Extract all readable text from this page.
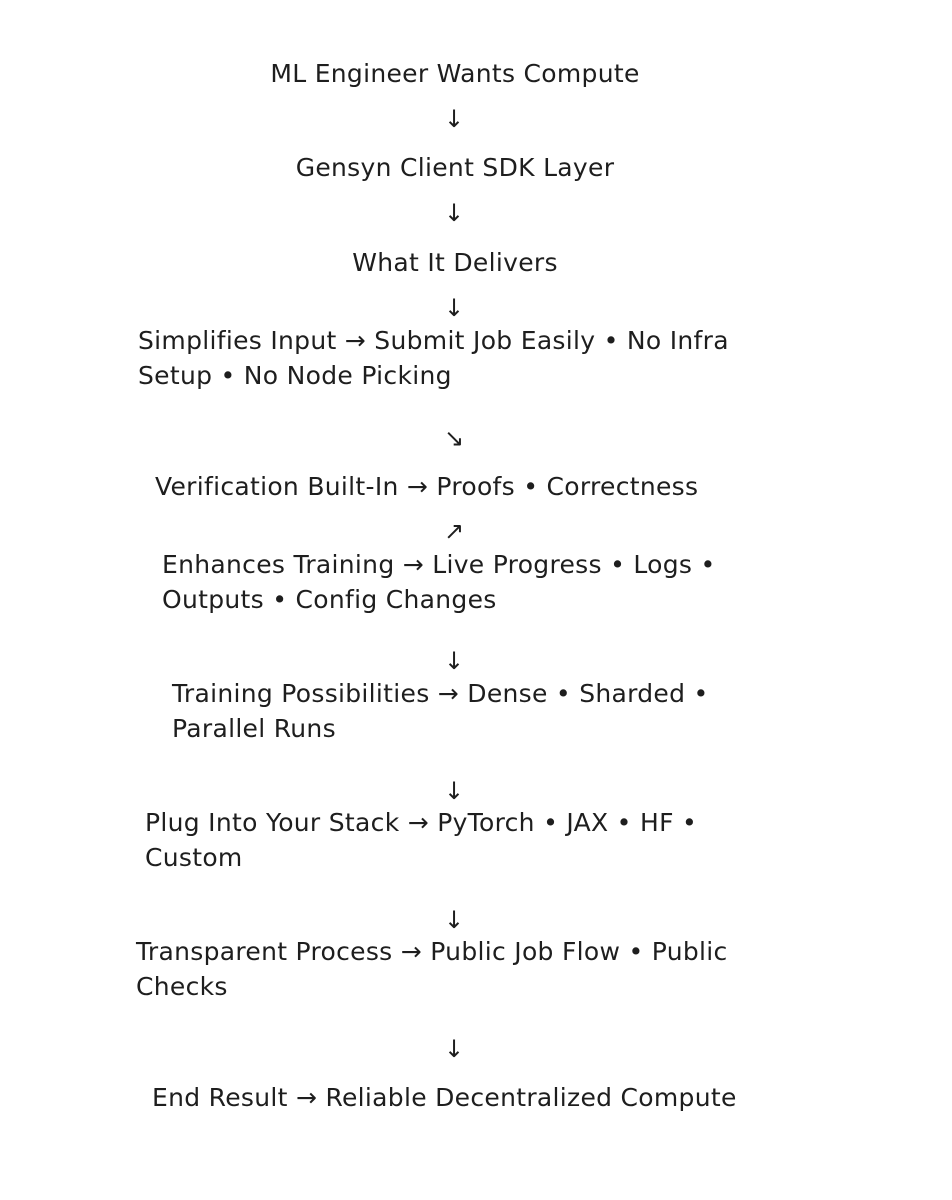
ML Engineer Wants Compute
↓
Gensyn Client SDK Layer
↓
What It Delivers
↓
Simplifies Input → Submit Job Easily • No Infra
Setup • No Node Picking
↘
Verification Built-In → Proofs • Correctness
↗
Enhances Training → Live Progress • Logs •
Outputs • Config Changes
↓
Training Possibilities → Dense • Sharded •
Parallel Runs
↓
Plug Into Your Stack → PyTorch • JAX • HF •
Custom
↓
Transparent Process → Public Job Flow • Public
Checks
↓
End Result → Reliable Decentralized Compute
